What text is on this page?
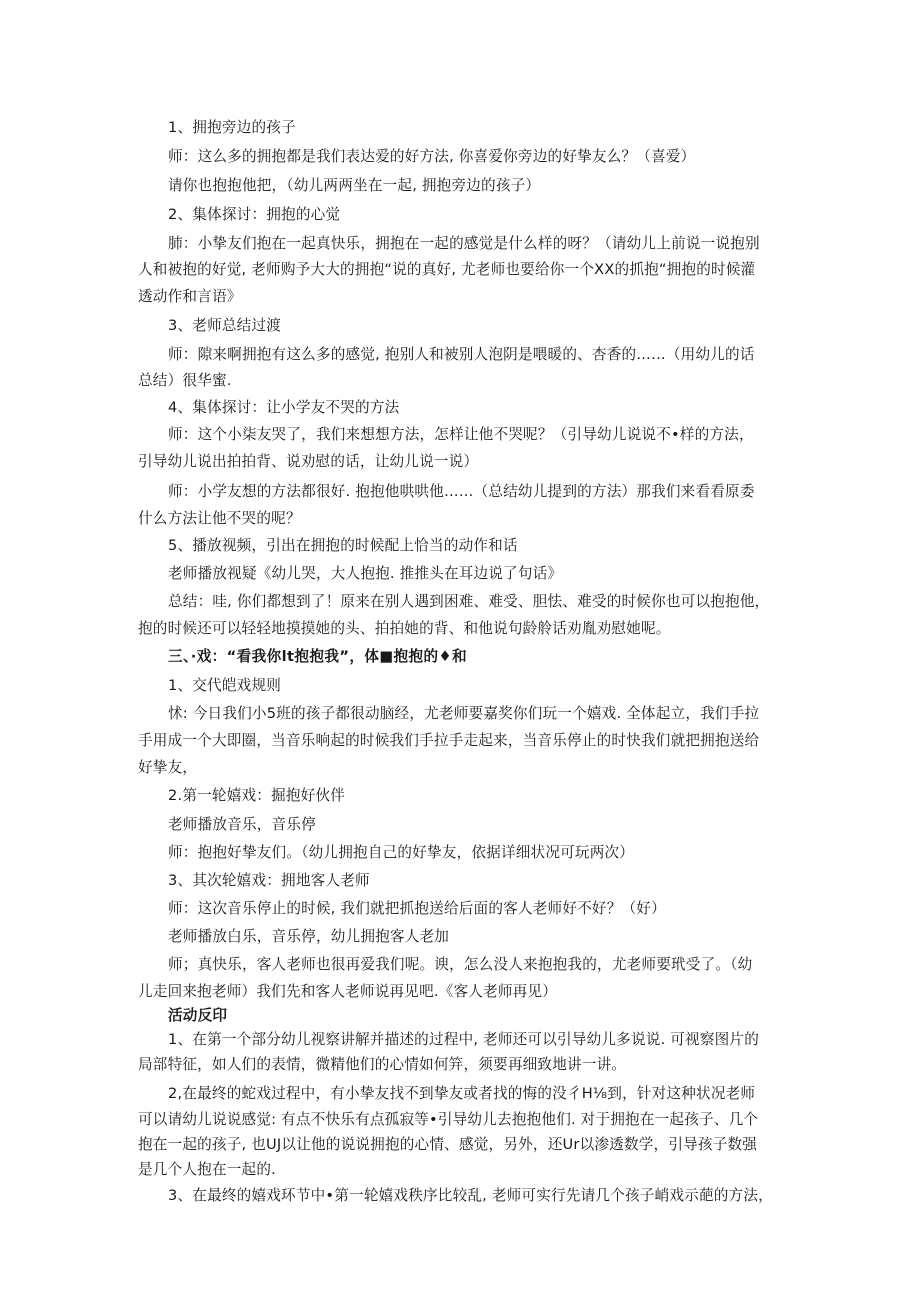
1、拥抱旁边的孩子
师：这么多的拥抱都是我们表达爱的好方法, 你喜爱你旁边的好挚友么？（喜爱）
请你也抱抱他把，（幼儿两两坐在一起, 拥抱旁边的孩子）
2、集体探讨：拥抱的心觉
肺：小挚友们抱在一起真快乐，拥抱在一起的感觉是什么样的呀？（请幼儿上前说一说抱别
人和被抱的好觉, 老师购予大大的拥抱“说的真好, 尤老师也要给你一个XX的抓抱“拥抱的时候灌
透动作和言语》
3、老师总结过渡
师：隙来啊拥抱有这么多的感觉, 抱别人和被别人泡阴是喂暖的、杏香的……（用幼儿的话
总结）很华蜜.
4、集体探讨：让小学友不哭的方法
师：这个小柒友哭了，我们来想想方法，怎样让他不哭呢？（引导幼儿说说不•样的方法，
引导幼儿说出拍拍背、说劝慰的话，让幼儿说一说）
师：小学友想的方法都很好. 抱抱他哄哄他……（总结幼儿提到的方法）那我们来看看原委
什么方法让他不哭的呢？
5、播放视频，引出在拥抱的时候配上恰当的动作和话
老师播放视疑《幼儿哭，大人抱抱. 推推头在耳边说了句话》
总结：哇, 你们都想到了！原来在别人遇到困难、难受、胆怯、难受的时候你也可以抱抱他，
抱的时候还可以轻轻地摸摸她的头、拍拍她的背、和他说句龄舲话劝胤劝慰她呢。
三、·戏：“看我你lt抱抱我”，体■抱抱的♦和
1、交代皑戏规则
怵: 今日我们小5班的孩子都很动脑经，尤老师要嘉奖你们玩一个嬉戏. 全体起立，我们手拉
手用成一个大即圈，当音乐响起的时候我们手拉手走起来，当音乐停止的时快我们就把拥抱送给
好挚友，
2.第一轮嬉戏：掘抱好伙伴
老师播放音乐，音乐停
师：抱抱好挚友们。（幼儿拥抱自己的好挚友，依据详细状况可玩两次）
3、其次轮嬉戏：拥地客人老师
师：这次音乐停止的时候, 我们就把抓抱送给后面的客人老师好不好？（好）
老师播放白乐，音乐停，幼儿拥抱客人老加
师；真快乐，客人老师也很再爱我们呢。谀，怎么没人来抱抱我的，尤老师要玳受了。（幼
儿走回来抱老师）我们先和客人老师说再见吧.《客人老师再见）
活动反印
1、在第一个部分幼儿视察讲解并描述的过程中, 老师还可以引导幼儿多说说. 可视察图片的
局部特征，如人们的表情，微精他们的心情如何笄，须要再细致地讲一讲。
2,在最终的蛇戏过程中，有小挚友找不到挚友或者找的悔的没彳H⅛到，针对这种状况老师
可以请幼儿说说感觉: 有点不快乐有点孤寂等•引导幼儿去抱抱他们. 对于拥抱在一起孩子、几个
抱在一起的孩子, 也UJ以让他的说说拥抱的心情、感觉，另外，还Ur以渗透数学，引导孩子数强
是几个人抱在一起的.
3、在最终的嬉戏环节中•第一轮嬉戏秩序比较乱, 老师可实行先请几个孩子峭戏示葩的方法，
